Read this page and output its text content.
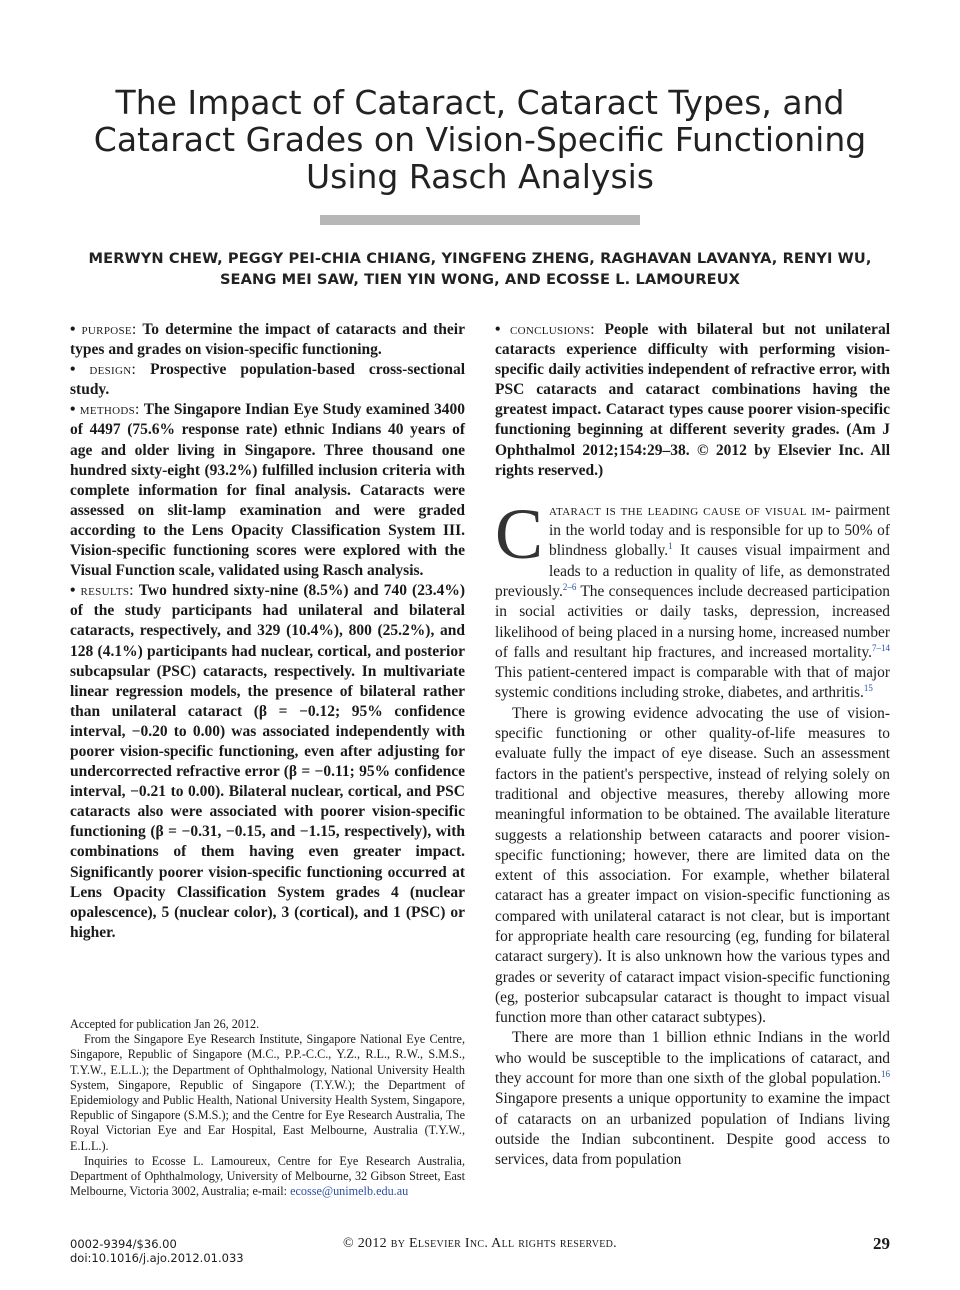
The Impact of Cataract, Cataract Types, and Cataract Grades on Vision-Specific Functioning Using Rasch Analysis
MERWYN CHEW, PEGGY PEI-CHIA CHIANG, YINGFENG ZHENG, RAGHAVAN LAVANYA, RENYI WU, SEANG MEI SAW, TIEN YIN WONG, AND ECOSSE L. LAMOUREUX

• purpose: To determine the impact of cataracts and their types and grades on vision-specific functioning.

• design: Prospective population-based cross-sectional study.

• methods: The Singapore Indian Eye Study examined 3400 of 4497 (75.6% response rate) ethnic Indians 40 years of age and older living in Singapore. Three thousand one hundred sixty-eight (93.2%) fulfilled inclusion criteria with complete information for final analysis. Cataracts were assessed on slit-lamp examination and were graded according to the Lens Opacity Classification System III. Vision-specific functioning scores were explored with the Visual Function scale, validated using Rasch analysis.

• results: Two hundred sixty-nine (8.5%) and 740 (23.4%) of the study participants had unilateral and bilateral cataracts, respectively, and 329 (10.4%), 800 (25.2%), and 128 (4.1%) participants had nuclear, cortical, and posterior subcapsular (PSC) cataracts, respectively. In multivariate linear regression models, the presence of bilateral rather than unilateral cataract (β = −0.12; 95% confidence interval, −0.20 to 0.00) was associated independently with poorer vision-specific functioning, even after adjusting for undercorrected refractive error (β = −0.11; 95% confidence interval, −0.21 to 0.00). Bilateral nuclear, cortical, and PSC cataracts also were associated with poorer vision-specific functioning (β = −0.31, −0.15, and −1.15, respectively), with combinations of them having even greater impact. Significantly poorer vision-specific functioning occurred at Lens Opacity Classification System grades 4 (nuclear opalescence), 5 (nuclear color), 3 (cortical), and 1 (PSC) or higher.

Accepted for publication Jan 26, 2012.

From the Singapore Eye Research Institute, Singapore National Eye Centre, Singapore, Republic of Singapore (M.C., P.P.-C.C., Y.Z., R.L., R.W., S.M.S., T.Y.W., E.L.L.); the Department of Ophthalmology, National University Health System, Singapore, Republic of Singapore (T.Y.W.); the Department of Epidemiology and Public Health, National University Health System, Singapore, Republic of Singapore (S.M.S.); and the Centre for Eye Research Australia, The Royal Victorian Eye and Ear Hospital, East Melbourne, Australia (T.Y.W., E.L.L.).

Inquiries to Ecosse L. Lamoureux, Centre for Eye Research Australia, Department of Ophthalmology, University of Melbourne, 32 Gibson Street, East Melbourne, Victoria 3002, Australia; e-mail: ecosse@unimelb.edu.au

• conclusions: People with bilateral but not unilateral cataracts experience difficulty with performing vision-specific daily activities independent of refractive error, with PSC cataracts and cataract combinations having the greatest impact. Cataract types cause poorer vision-specific functioning beginning at different severity grades. (Am J Ophthalmol 2012;154:29–38. © 2012 by Elsevier Inc. All rights reserved.)

Cataract is the leading cause of visual im- pairment in the world today and is responsible for up to 50% of blindness globally.$^1$ It causes visual impairment and leads to a reduction in quality of life, as demonstrated previously.$^{2-6}$ The consequences include decreased participation in social activities or daily tasks, depression, increased likelihood of being placed in a nursing home, increased number of falls and resultant hip fractures, and increased mortality.$^{7-14}$ This patient-centered impact is comparable with that of major systemic conditions including stroke, diabetes, and arthritis.$^{15}$

There is growing evidence advocating the use of vision-specific functioning or other quality-of-life measures to evaluate fully the impact of eye disease. Such an assessment factors in the patient's perspective, instead of relying solely on traditional and objective measures, thereby allowing more meaningful information to be obtained. The available literature suggests a relationship between cataracts and poorer vision-specific functioning; however, there are limited data on the extent of this association. For example, whether bilateral cataract has a greater impact on vision-specific functioning as compared with unilateral cataract is not clear, but is important for appropriate health care resourcing (eg, funding for bilateral cataract surgery). It is also unknown how the various types and grades or severity of cataract impact vision-specific functioning (eg, posterior subcapsular cataract is thought to impact visual function more than other cataract subtypes).

There are more than 1 billion ethnic Indians in the world who would be susceptible to the implications of cataract, and they account for more than one sixth of the global population.$^{16}$ Singapore presents a unique opportunity to examine the impact of cataracts on an urbanized population of Indians living outside the Indian subcontinent. Despite good access to services, data from population

0002-9394/$36.00
doi:10.1016/j.ajo.2012.01.033
© 2012 by Elsevier Inc. All rights reserved.	29
